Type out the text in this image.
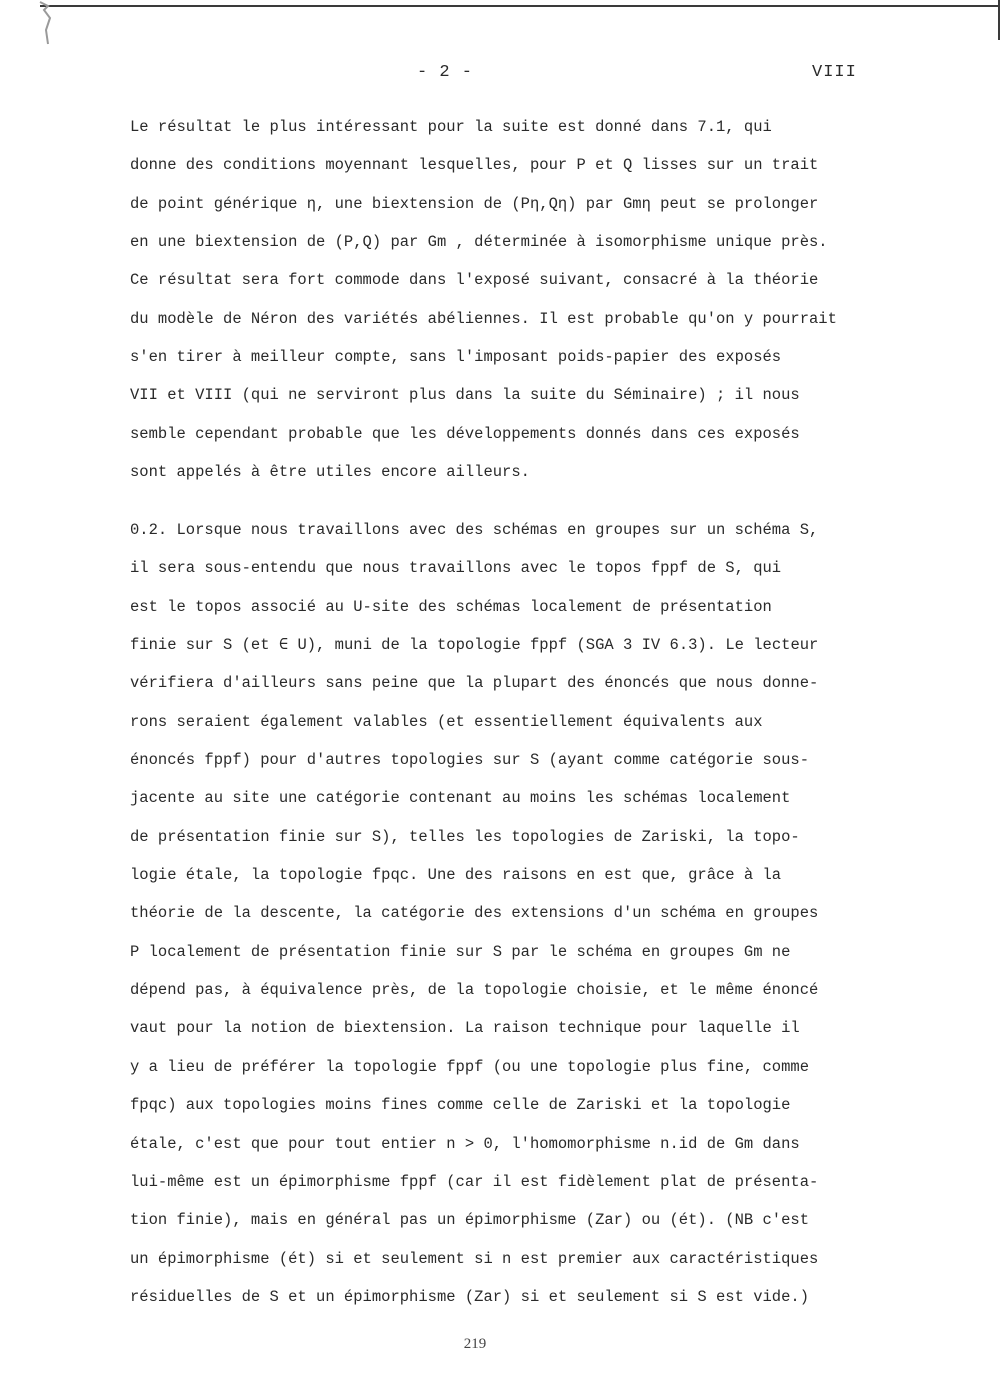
- 2 -	VIII
Le résultat le plus intéressant pour la suite est donné dans 7.1, qui
donne des conditions moyennant lesquelles, pour P et Q lisses sur un trait
de point générique η, une biextension de (Pη,Qη) par Gmη peut se prolonger
en une biextension de (P,Q) par Gm , déterminée à isomorphisme unique près.
Ce résultat sera fort commode dans l'exposé suivant, consacré à la théorie
du modèle de Néron des variétés abéliennes. Il est probable qu'on y pourrait
s'en tirer à meilleur compte, sans l'imposant poids-papier des exposés
VII et VIII (qui ne serviront plus dans la suite du Séminaire) ; il nous
semble cependant probable que les développements donnés dans ces exposés
sont appelés à être utiles encore ailleurs.
0.2. Lorsque nous travaillons avec des schémas en groupes sur un schéma S,
il sera sous-entendu que nous travaillons avec le topos fppf de S, qui
est le topos associé au U-site des schémas localement de présentation
finie sur S (et ∈ U), muni de la topologie fppf (SGA 3 IV 6.3). Le lecteur
vérifiera d'ailleurs sans peine que la plupart des énoncés que nous donne-
rons seraient également valables (et essentiellement équivalents aux
énoncés fppf) pour d'autres topologies sur S (ayant comme catégorie sous-
jacente au site une catégorie contenant au moins les schémas localement
de présentation finie sur S), telles les topologies de Zariski, la topo-
logie étale, la topologie fpqc. Une des raisons en est que, grâce à la
théorie de la descente, la catégorie des extensions d'un schéma en groupes
P localement de présentation finie sur S par le schéma en groupes Gm ne
dépend pas, à équivalence près, de la topologie choisie, et le même énoncé
vaut pour la notion de biextension. La raison technique pour laquelle il
y a lieu de préférer la topologie fppf (ou une topologie plus fine, comme
fpqc) aux topologies moins fines comme celle de Zariski et la topologie
étale, c'est que pour tout entier n > 0, l'homomorphisme n.id de Gm dans
lui-même est un épimorphisme fppf (car il est fidèlement plat de présenta-
tion finie), mais en général pas un épimorphisme (Zar) ou (ét). (NB c'est
un épimorphisme (ét) si et seulement si n est premier aux caractéristiques
résiduelles de S et un épimorphisme (Zar) si et seulement si S est vide.)
219
